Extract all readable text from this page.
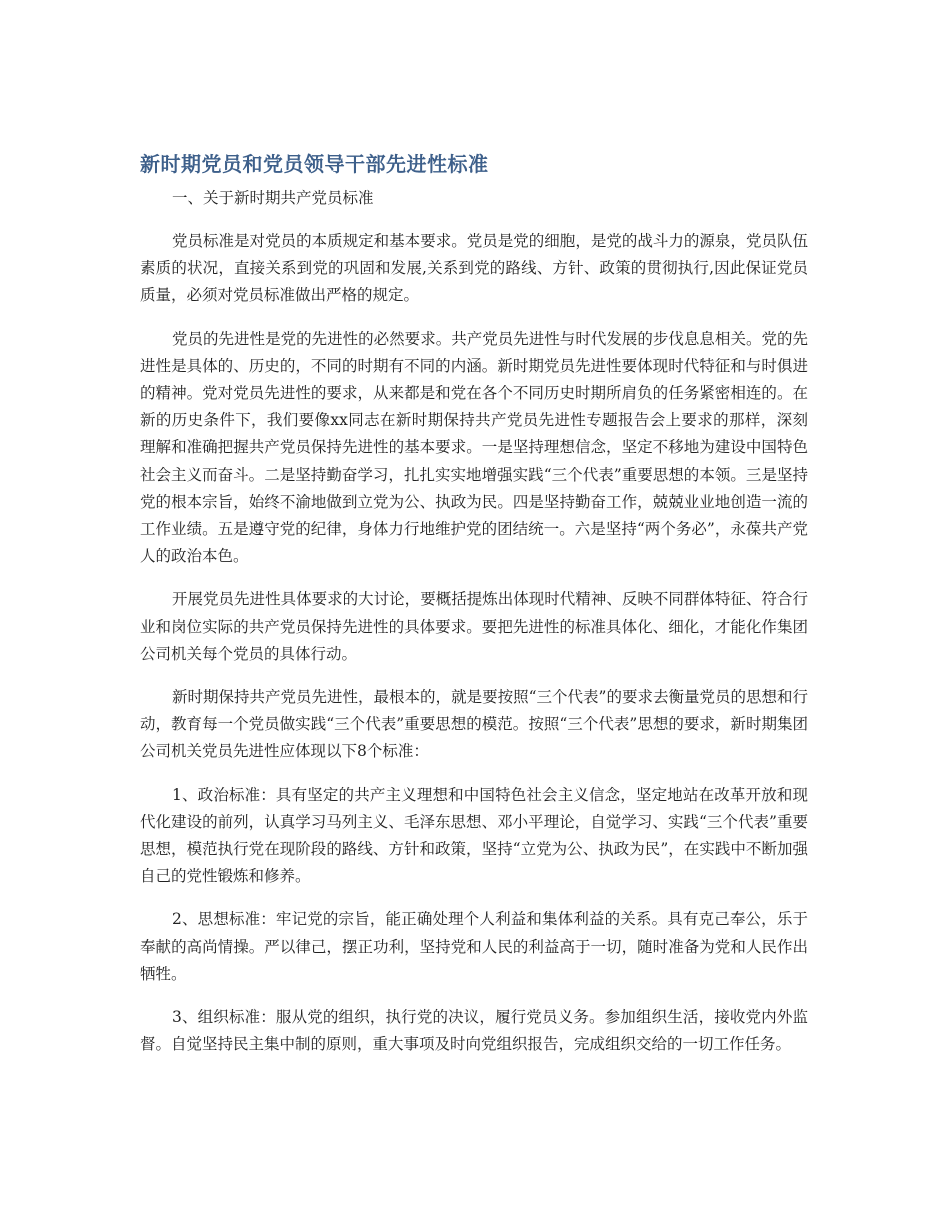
新时期党员和党员领导干部先进性标准

一、关于新时期共产党员标准

党员标准是对党员的本质规定和基本要求。党员是党的细胞，是党的战斗力的源泉，党员队伍素质的状况，直接关系到党的巩固和发展,关系到党的路线、方针、政策的贯彻执行,因此保证党员质量，必须对党员标准做出严格的规定。

党员的先进性是党的先进性的必然要求。共产党员先进性与时代发展的步伐息息相关。党的先进性是具体的、历史的，不同的时期有不同的内涵。新时期党员先进性要体现时代特征和与时俱进的精神。党对党员先进性的要求，从来都是和党在各个不同历史时期所肩负的任务紧密相连的。在新的历史条件下，我们要像xx同志在新时期保持共产党员先进性专题报告会上要求的那样，深刻理解和准确把握共产党员保持先进性的基本要求。一是坚持理想信念，坚定不移地为建设中国特色社会主义而奋斗。二是坚持勤奋学习，扎扎实实地增强实践“三个代表”重要思想的本领。三是坚持党的根本宗旨，始终不渝地做到立党为公、执政为民。四是坚持勤奋工作，兢兢业业地创造一流的工作业绩。五是遵守党的纪律，身体力行地维护党的团结统一。六是坚持“两个务必”，永葆共产党人的政治本色。

开展党员先进性具体要求的大讨论，要概括提炼出体现时代精神、反映不同群体特征、符合行业和岗位实际的共产党员保持先进性的具体要求。要把先进性的标准具体化、细化，才能化作集团公司机关每个党员的具体行动。

新时期保持共产党员先进性，最根本的，就是要按照“三个代表”的要求去衡量党员的思想和行动，教育每一个党员做实践“三个代表”重要思想的模范。按照“三个代表”思想的要求，新时期集团公司机关党员先进性应体现以下8个标准：

1、政治标准：具有坚定的共产主义理想和中国特色社会主义信念，坚定地站在改革开放和现代化建设的前列，认真学习马列主义、毛泽东思想、邓小平理论，自觉学习、实践“三个代表”重要思想，模范执行党在现阶段的路线、方针和政策，坚持“立党为公、执政为民”，在实践中不断加强自己的党性锻炼和修养。

2、思想标准：牢记党的宗旨，能正确处理个人利益和集体利益的关系。具有克己奉公，乐于奉献的高尚情操。严以律己，摆正功利，坚持党和人民的利益高于一切，随时准备为党和人民作出牺牲。

3、组织标准：服从党的组织，执行党的决议，履行党员义务。参加组织生活，接收党内外监督。自觉坚持民主集中制的原则，重大事项及时向党组织报告，完成组织交给的一切工作任务。
